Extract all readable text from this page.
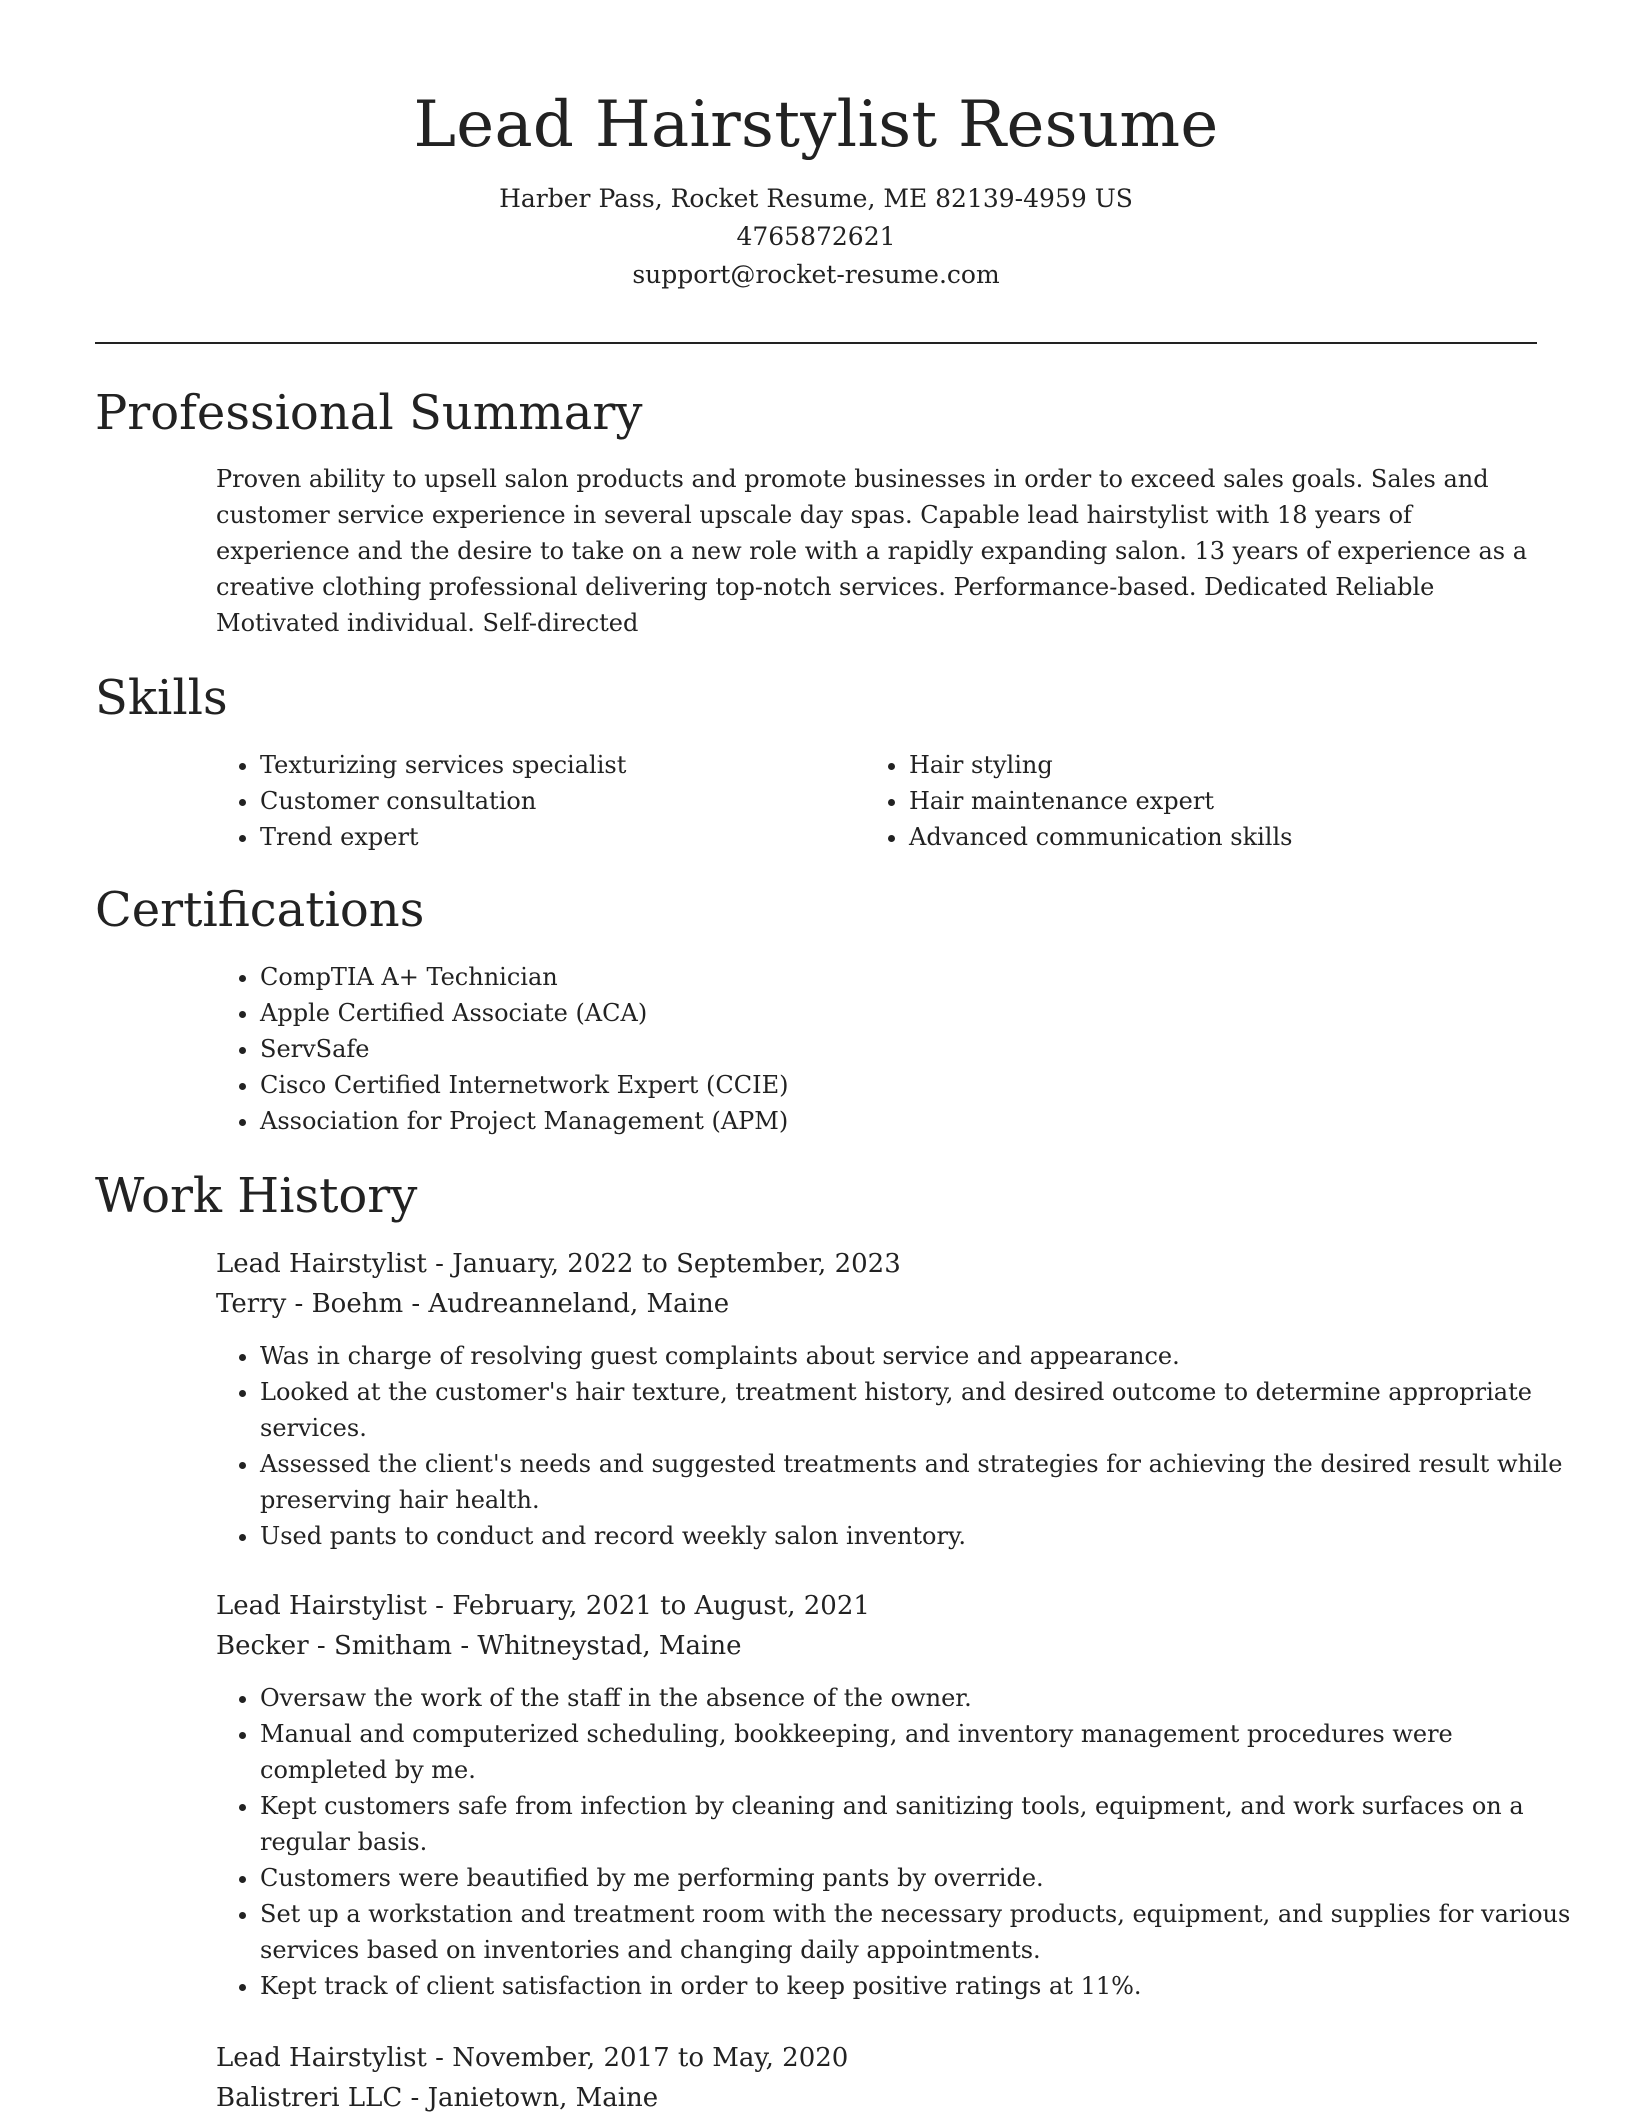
Lead Hairstylist Resume

Harber Pass, Rocket Resume, ME 82139-4959 US

4765872621

support@rocket-resume.com

Professional Summary

Proven ability to upsell salon products and promote businesses in order to exceed sales goals. Sales and customer service experience in several upscale day spas. Capable lead hairstylist with 18 years of experience and the desire to take on a new role with a rapidly expanding salon. 13 years of experience as a creative clothing professional delivering top-notch services. Performance-based. Dedicated Reliable Motivated individual. Self-directed

Skills
• Texturizing services specialist
• Customer consultation
• Trend expert
• Hair styling
• Hair maintenance expert
• Advanced communication skills
Certifications
• CompTIA A+ Technician
• Apple Certified Associate (ACA)
• ServSafe
• Cisco Certified Internetwork Expert (CCIE)
• Association for Project Management (APM)
Work History

Lead Hairstylist - January, 2022 to September, 2023

Terry - Boehm - Audreanneland, Maine

• Was in charge of resolving guest complaints about service and appearance.
• Looked at the customer's hair texture, treatment history, and desired outcome to determine appropriate services.
• Assessed the client's needs and suggested treatments and strategies for achieving the desired result while preserving hair health.
• Used pants to conduct and record weekly salon inventory.

Lead Hairstylist - February, 2021 to August, 2021

Becker - Smitham - Whitneystad, Maine

• Oversaw the work of the staff in the absence of the owner.
• Manual and computerized scheduling, bookkeeping, and inventory management procedures were completed by me.
• Kept customers safe from infection by cleaning and sanitizing tools, equipment, and work surfaces on a regular basis.
• Customers were beautified by me performing pants by override.
• Set up a workstation and treatment room with the necessary products, equipment, and supplies for various services based on inventories and changing daily appointments.
• Kept track of client satisfaction in order to keep positive ratings at 11%.

Lead Hairstylist - November, 2017 to May, 2020

Balistreri LLC - Janietown, Maine
